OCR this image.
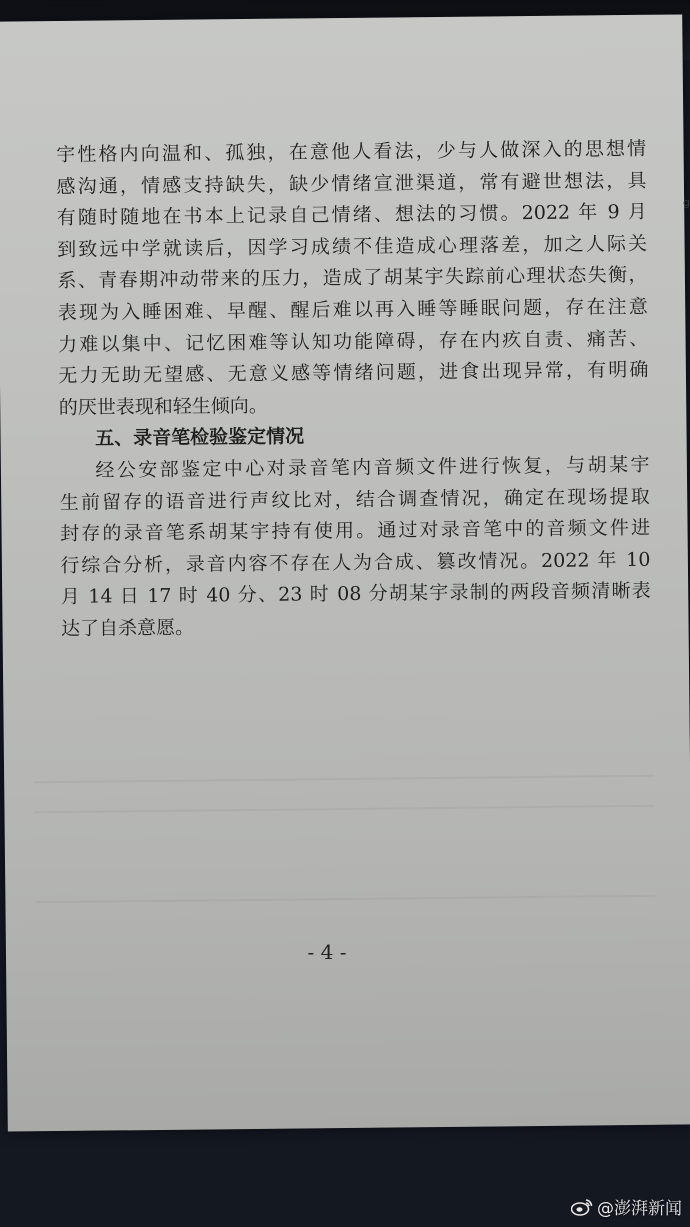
g
宇性格内向温和、孤独，在意他人看法，少与人做深入的思想情
感沟通，情感支持缺失，缺少情绪宣泄渠道，常有避世想法，具
有随时随地在书本上记录自己情绪、想法的习惯。2022 年 9 月
到致远中学就读后，因学习成绩不佳造成心理落差，加之人际关
系、青春期冲动带来的压力，造成了胡某宇失踪前心理状态失衡，
表现为入睡困难、早醒、醒后难以再入睡等睡眠问题，存在注意
力难以集中、记忆困难等认知功能障碍，存在内疚自责、痛苦、
无力无助无望感、无意义感等情绪问题，进食出现异常，有明确
的厌世表现和轻生倾向。
五、录音笔检验鉴定情况
经公安部鉴定中心对录音笔内音频文件进行恢复，与胡某宇
生前留存的语音进行声纹比对，结合调查情况，确定在现场提取
封存的录音笔系胡某宇持有使用。通过对录音笔中的音频文件进
行综合分析，录音内容不存在人为合成、篡改情况。2022 年 10
月 14 日 17 时 40 分、23 时 08 分胡某宇录制的两段音频清晰表
达了自杀意愿。
- 4 -
@澎湃新闻
